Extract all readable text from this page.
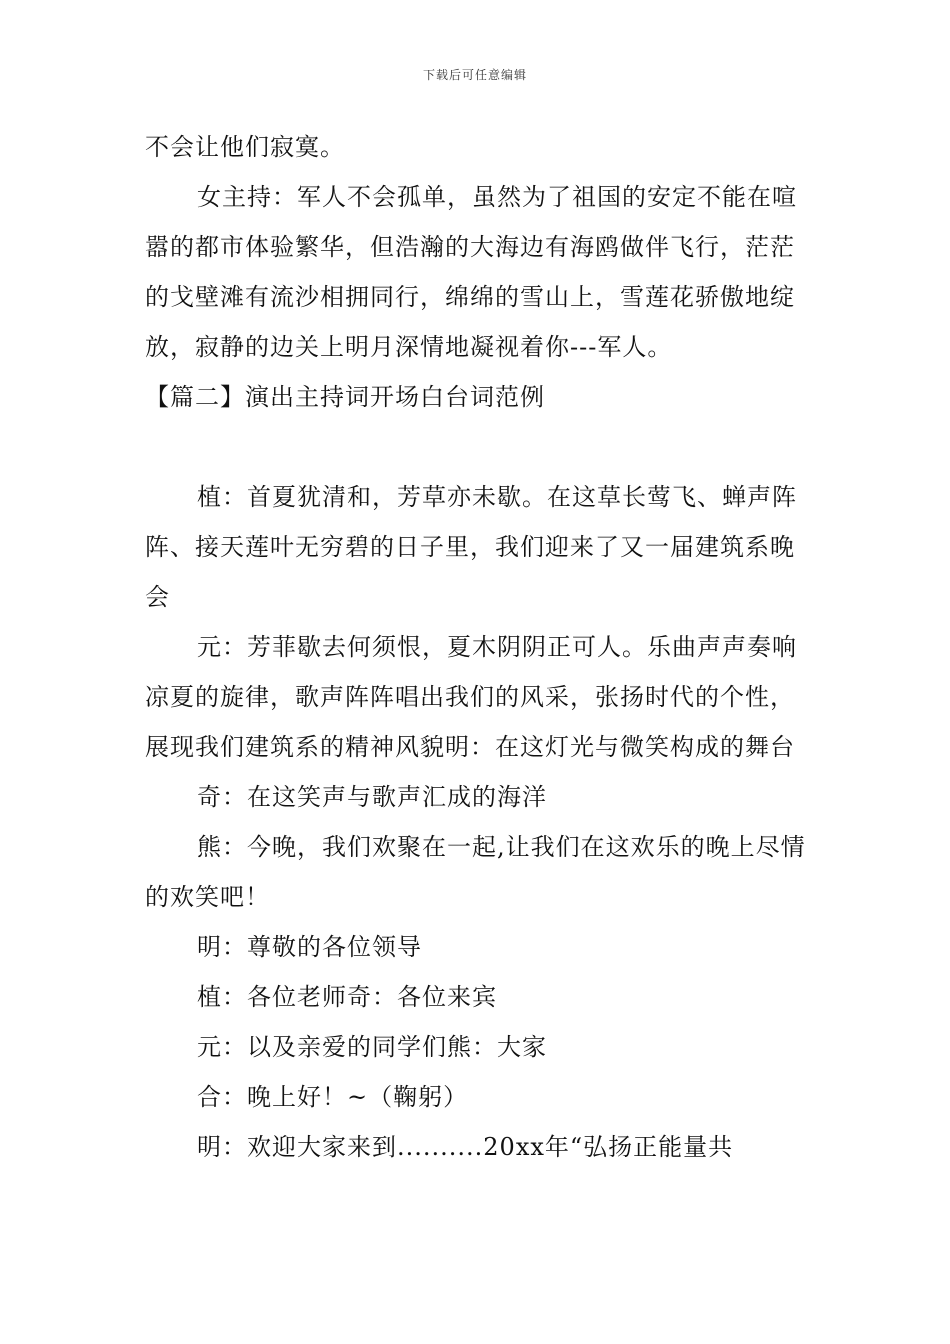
下载后可任意编辑

不会让他们寂寞。

女主持：军人不会孤单，虽然为了祖国的安定不能在喧嚣的都市体验繁华，但浩瀚的大海边有海鸥做伴飞行，茫茫的戈壁滩有流沙相拥同行，绵绵的雪山上，雪莲花骄傲地绽放，寂静的边关上明月深情地凝视着你---军人。

【篇二】演出主持词开场白台词范例

植：首夏犹清和，芳草亦未歇。在这草长莺飞、蝉声阵阵、接天莲叶无穷碧的日子里，我们迎来了又一届建筑系晚会

元：芳菲歇去何须恨，夏木阴阴正可人。乐曲声声奏响凉夏的旋律，歌声阵阵唱出我们的风采，张扬时代的个性，展现我们建筑系的精神风貌明：在这灯光与微笑构成的舞台

奇：在这笑声与歌声汇成的海洋

熊：今晚，我们欢聚在一起,让我们在这欢乐的晚上尽情的欢笑吧！

明：尊敬的各位领导

植：各位老师奇：各位来宾

元：以及亲爱的同学们熊：大家

合：晚上好！~（鞠躬）

明：欢迎大家来到..........20xx年“弘扬正能量共
